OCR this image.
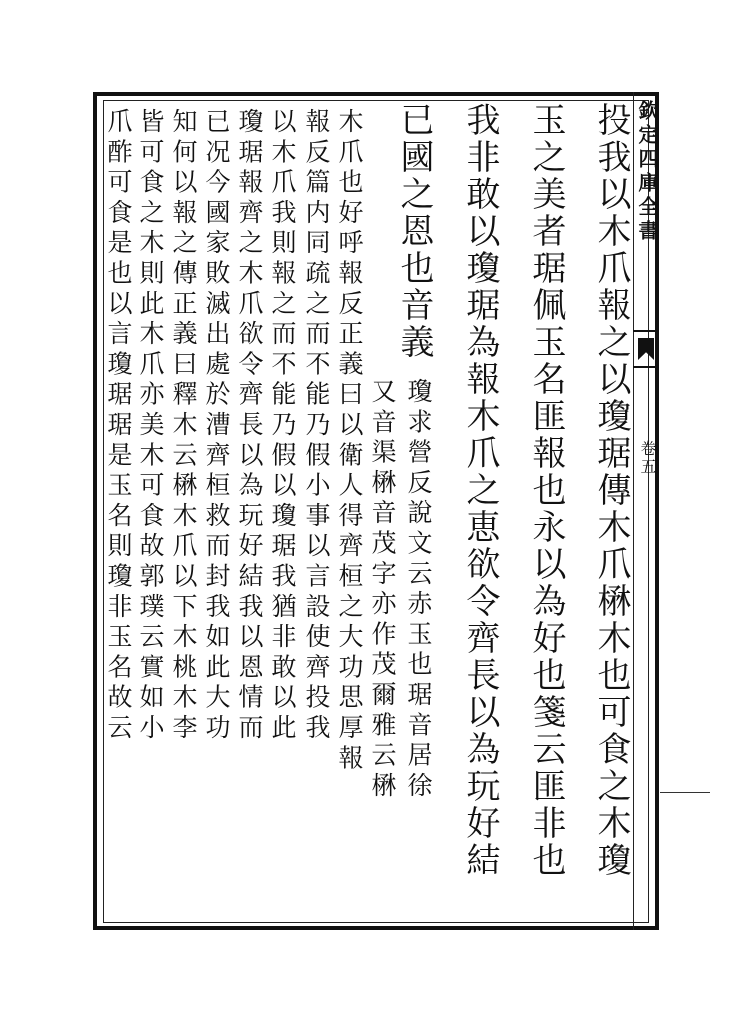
欽定四庫全書
卷五
投我以木爪報之以瓊琚傳木爪楙木也可食之木瓊
玉之美者琚佩玉名匪報也永以為好也箋云匪非也
我非敢以瓊琚為報木爪之恵欲令齊長以為玩好結
已國之恩也音義
瓊求營反說文云赤玉也琚音居徐
又音渠楙音茂字亦作茂爾雅云楙
木爪也好呼報反正義曰以衛人得齊桓之大功思厚報
報反篇内同疏之而不能乃假小事以言設使齊投我
以木爪我則報之而不能乃假以瓊琚我猶非敢以此
瓊琚報齊之木爪欲令齊長以為玩好結我以恩情而
已况今國家敗滅出處於漕齊桓救而封我如此大功
知何以報之傳正義曰釋木云楙木爪以下木桃木李
皆可食之木則此木爪亦美木可食故郭璞云實如小
爪酢可食是也以言瓊琚琚是玉名則瓊非玉名故云
